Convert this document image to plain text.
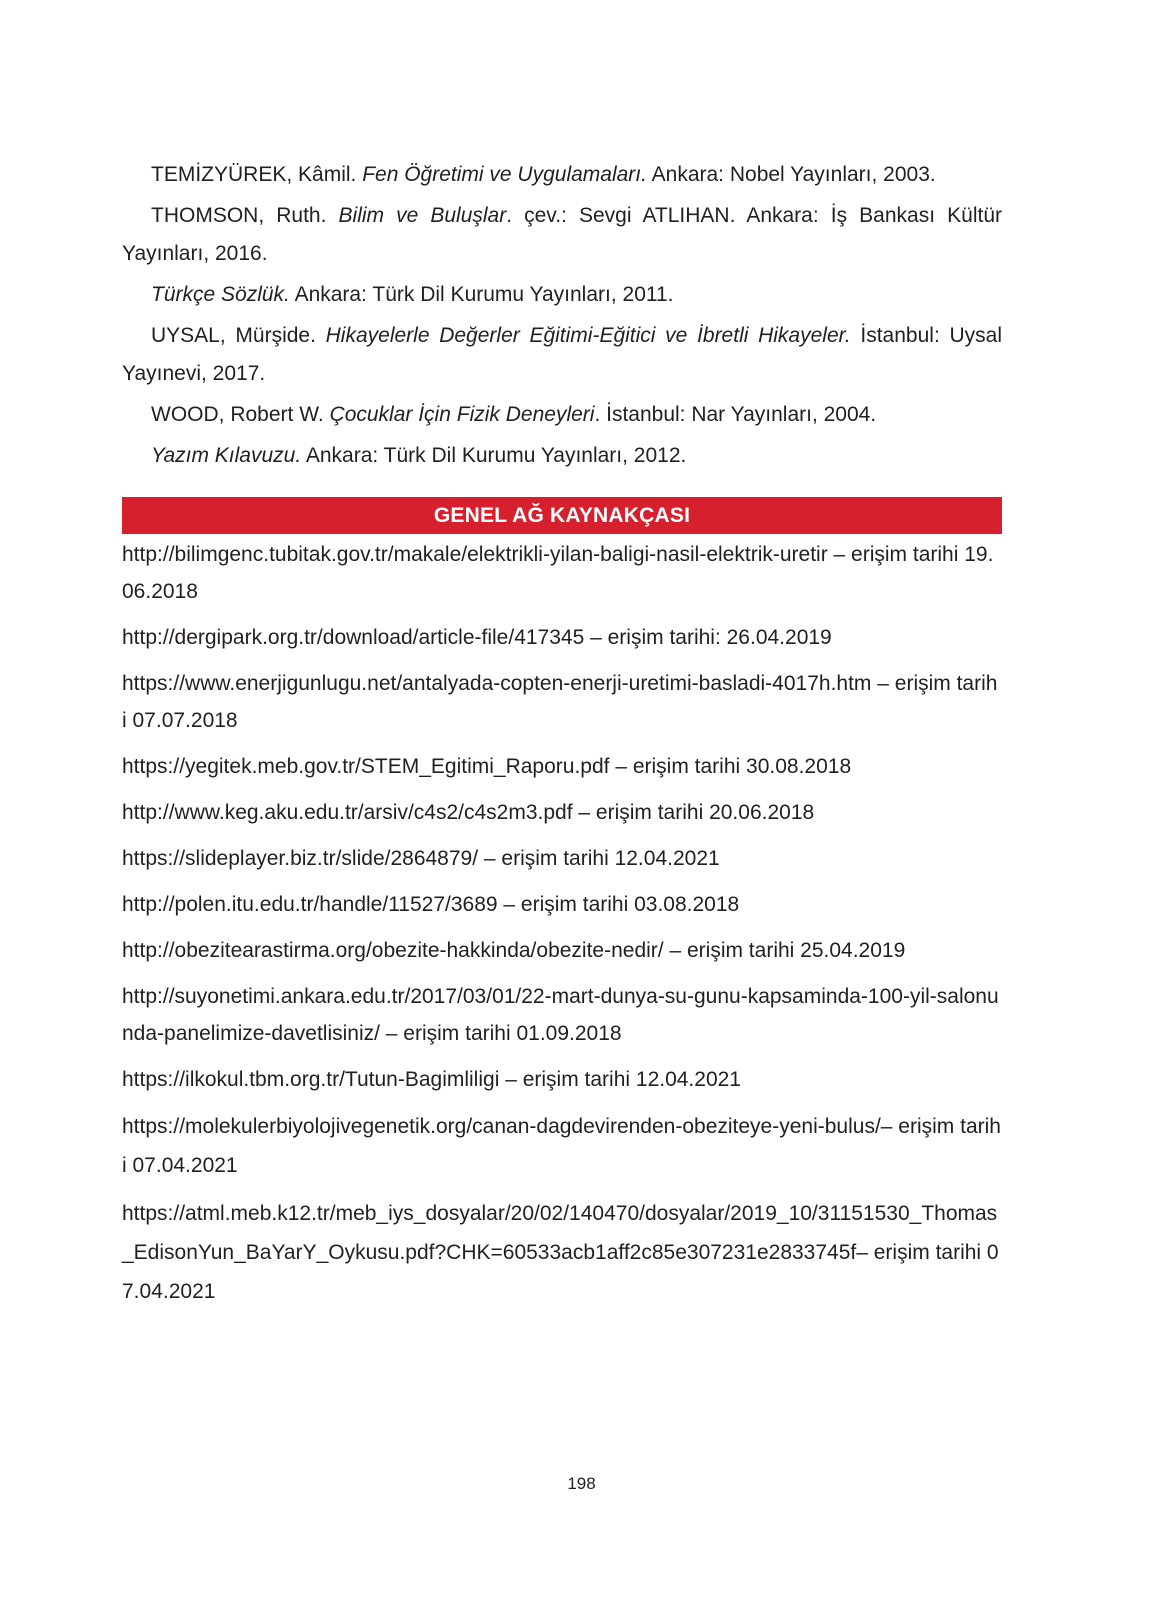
TEMİZYÜREK, Kâmil. Fen Öğretimi ve Uygulamaları. Ankara: Nobel Yayınları, 2003.

THOMSON, Ruth. Bilim ve Buluşlar. çev.: Sevgi ATLIHAN. Ankara: İş Bankası Kültür Yayınları, 2016.

Türkçe Sözlük. Ankara: Türk Dil Kurumu Yayınları, 2011.

UYSAL, Mürşide. Hikayelerle Değerler Eğitimi-Eğitici ve İbretli Hikayeler. İstanbul: Uysal Yayınevi, 2017.

WOOD, Robert W. Çocuklar İçin Fizik Deneyleri. İstanbul: Nar Yayınları, 2004.

Yazım Kılavuzu. Ankara: Türk Dil Kurumu Yayınları, 2012.

GENEL AĞ KAYNAKÇASI

http://bilimgenc.tubitak.gov.tr/makale/elektrikli-yilan-baligi-nasil-elektrik-uretir – erişim tarihi 19.06.2018

http://dergipark.org.tr/download/article-file/417345 – erişim tarihi: 26.04.2019

https://www.enerjigunlugu.net/antalyada-copten-enerji-uretimi-basladi-4017h.htm – erişim tarihi 07.07.2018

https://yegitek.meb.gov.tr/STEM_Egitimi_Raporu.pdf – erişim tarihi 30.08.2018

http://www.keg.aku.edu.tr/arsiv/c4s2/c4s2m3.pdf – erişim tarihi 20.06.2018

https://slideplayer.biz.tr/slide/2864879/ – erişim tarihi 12.04.2021

http://polen.itu.edu.tr/handle/11527/3689 – erişim tarihi 03.08.2018

http://obezitearastirma.org/obezite-hakkinda/obezite-nedir/ – erişim tarihi 25.04.2019

http://suyonetimi.ankara.edu.tr/2017/03/01/22-mart-dunya-su-gunu-kapsaminda-100-yil-salonunda-panelimize-davetlisiniz/ – erişim tarihi 01.09.2018

https://ilkokul.tbm.org.tr/Tutun-Bagimliligi – erişim tarihi 12.04.2021

https://molekulerbiyolojivegenetik.org/canan-dagdevirenden-obeziteye-yeni-bulus/– erişim tarihi 07.04.2021

https://atml.meb.k12.tr/meb_iys_dosyalar/20/02/140470/dosyalar/2019_10/31151530_Thomas_EdisonYun_BaYarY_Oykusu.pdf?CHK=60533acb1aff2c85e307231e2833745f– erişim tarihi 07.04.2021

198
